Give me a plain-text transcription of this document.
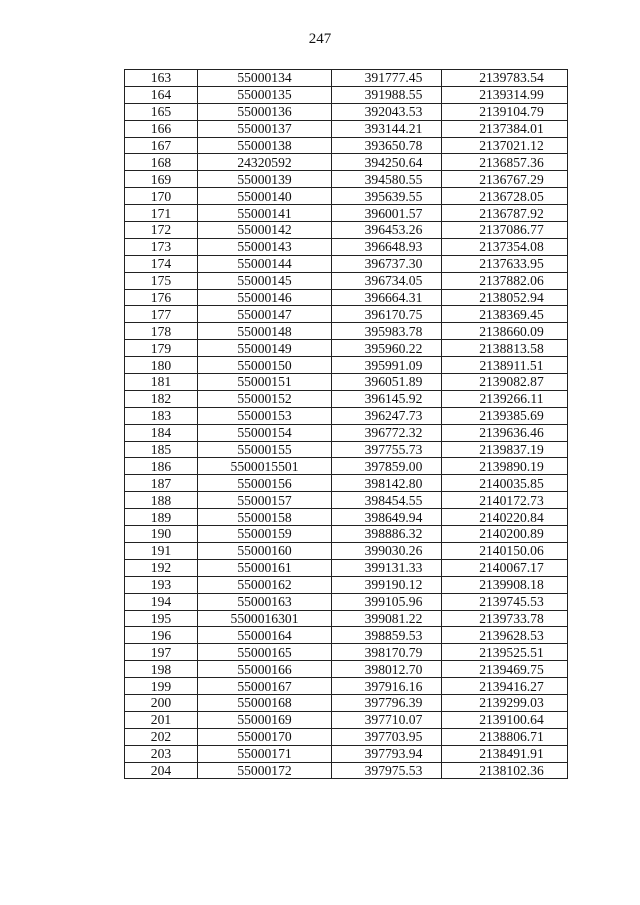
247
163	55000134	391777.45	2139783.54
164	55000135	391988.55	2139314.99
165	55000136	392043.53	2139104.79
166	55000137	393144.21	2137384.01
167	55000138	393650.78	2137021.12
168	24320592	394250.64	2136857.36
169	55000139	394580.55	2136767.29
170	55000140	395639.55	2136728.05
171	55000141	396001.57	2136787.92
172	55000142	396453.26	2137086.77
173	55000143	396648.93	2137354.08
174	55000144	396737.30	2137633.95
175	55000145	396734.05	2137882.06
176	55000146	396664.31	2138052.94
177	55000147	396170.75	2138369.45
178	55000148	395983.78	2138660.09
179	55000149	395960.22	2138813.58
180	55000150	395991.09	2138911.51
181	55000151	396051.89	2139082.87
182	55000152	396145.92	2139266.11
183	55000153	396247.73	2139385.69
184	55000154	396772.32	2139636.46
185	55000155	397755.73	2139837.19
186	5500015501	397859.00	2139890.19
187	55000156	398142.80	2140035.85
188	55000157	398454.55	2140172.73
189	55000158	398649.94	2140220.84
190	55000159	398886.32	2140200.89
191	55000160	399030.26	2140150.06
192	55000161	399131.33	2140067.17
193	55000162	399190.12	2139908.18
194	55000163	399105.96	2139745.53
195	5500016301	399081.22	2139733.78
196	55000164	398859.53	2139628.53
197	55000165	398170.79	2139525.51
198	55000166	398012.70	2139469.75
199	55000167	397916.16	2139416.27
200	55000168	397796.39	2139299.03
201	55000169	397710.07	2139100.64
202	55000170	397703.95	2138806.71
203	55000171	397793.94	2138491.91
204	55000172	397975.53	2138102.36
